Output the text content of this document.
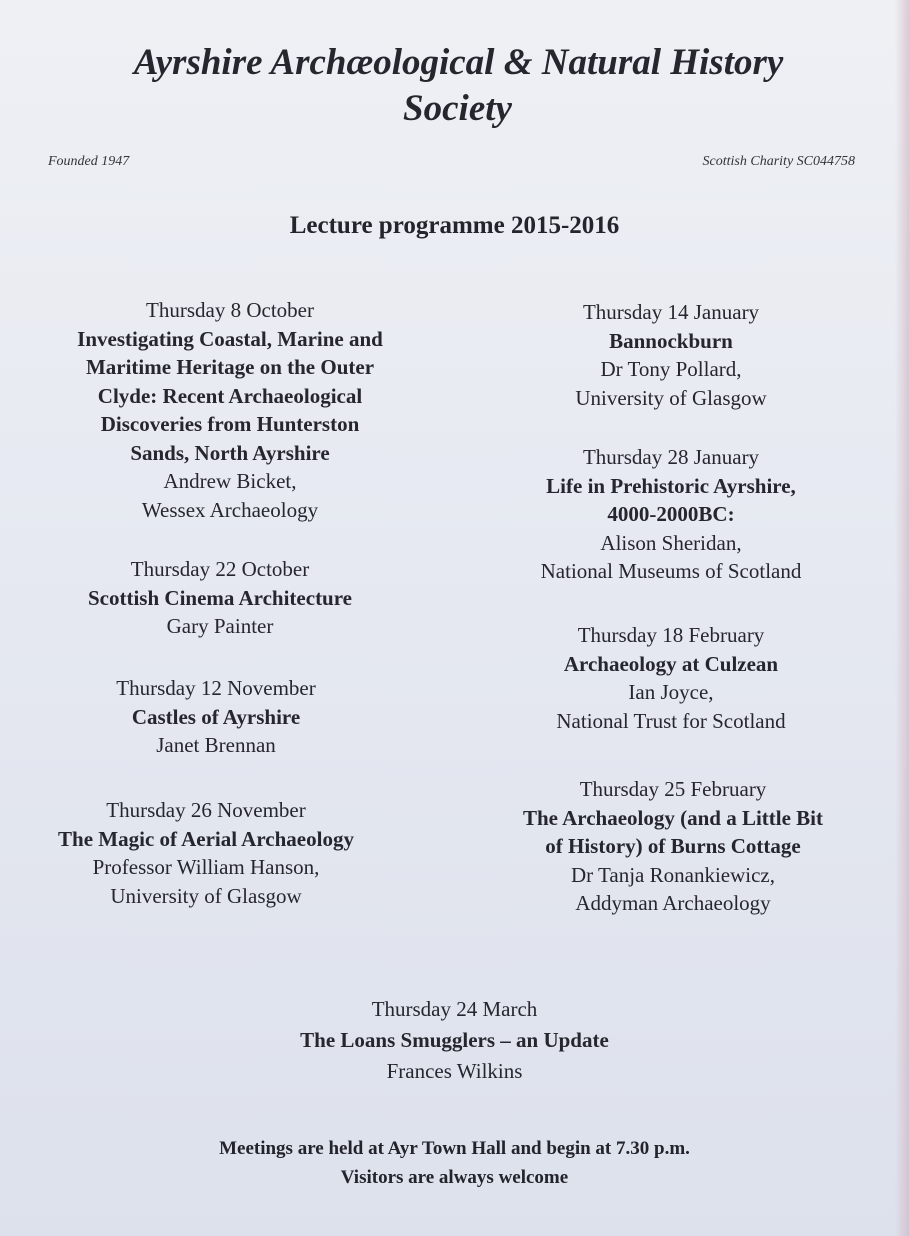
Ayrshire Archæological & Natural History
Society
Founded 1947	Scottish Charity SC044758
Lecture programme 2015-2016
Thursday 8 October
Investigating Coastal, Marine and
Maritime Heritage on the Outer
Clyde: Recent Archaeological
Discoveries from Hunterston
Sands, North Ayrshire
Andrew Bicket,
Wessex Archaeology
Thursday 22 October
Scottish Cinema Architecture
Gary Painter
Thursday 12 November
Castles of Ayrshire
Janet Brennan
Thursday 26 November
The Magic of Aerial Archaeology
Professor William Hanson,
University of Glasgow
Thursday 14 January
Bannockburn
Dr Tony Pollard,
University of Glasgow
Thursday 28 January
Life in Prehistoric Ayrshire,
4000-2000BC:
Alison Sheridan,
National Museums of Scotland
Thursday 18 February
Archaeology at Culzean
Ian Joyce,
National Trust for Scotland
Thursday 25 February
The Archaeology (and a Little Bit
of History) of Burns Cottage
Dr Tanja Ronankiewicz,
Addyman Archaeology
Thursday 24 March
The Loans Smugglers – an Update
Frances Wilkins
Meetings are held at Ayr Town Hall and begin at 7.30 p.m.
Visitors are always welcome
